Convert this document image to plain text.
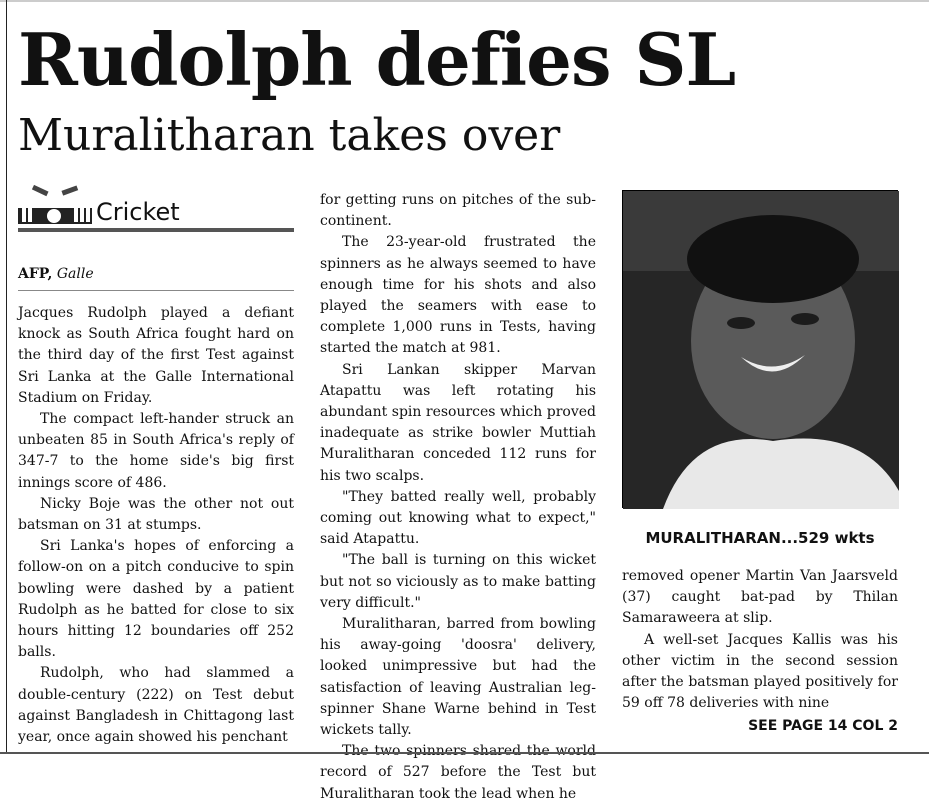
Rudolph defies SL
Muralitharan takes over
Cricket
AFP, Galle

Jacques Rudolph played a defiant knock as South Africa fought hard on the third day of the first Test against Sri Lanka at the Galle International Stadium on Friday.

The compact left-hander struck an unbeaten 85 in South Africa's reply of 347-7 to the home side's big first innings score of 486.

Nicky Boje was the other not out batsman on 31 at stumps.

Sri Lanka's hopes of enforcing a follow-on on a pitch conducive to spin bowling were dashed by a patient Rudolph as he batted for close to six hours hitting 12 boundaries off 252 balls.

Rudolph, who had slammed a double-century (222) on Test debut against Bangladesh in Chittagong last year, once again showed his penchant

for getting runs on pitches of the sub-continent.

The 23-year-old frustrated the spinners as he always seemed to have enough time for his shots and also played the seamers with ease to complete 1,000 runs in Tests, having started the match at 981.

Sri Lankan skipper Marvan Atapattu was left rotating his abundant spin resources which proved inadequate as strike bowler Muttiah Muralitharan conceded 112 runs for his two scalps.

"They batted really well, probably coming out knowing what to expect," said Atapattu.

"The ball is turning on this wicket but not so viciously as to make batting very difficult."

Muralitharan, barred from bowling his away-going 'doosra' delivery, looked unimpressive but had the satisfaction of leaving Australian leg-spinner Shane Warne behind in Test wickets tally.

record of 527 before the Test but Muralitharan took the lead when he

MURALITHARAN...529 wkts

removed opener Martin Van Jaarsveld (37) caught bat-pad by Thilan Samaraweera at slip.

A well-set Jacques Kallis was his other victim in the second session after the batsman played positively for 59 off 78 deliveries with nine

SEE PAGE 14 COL 2
